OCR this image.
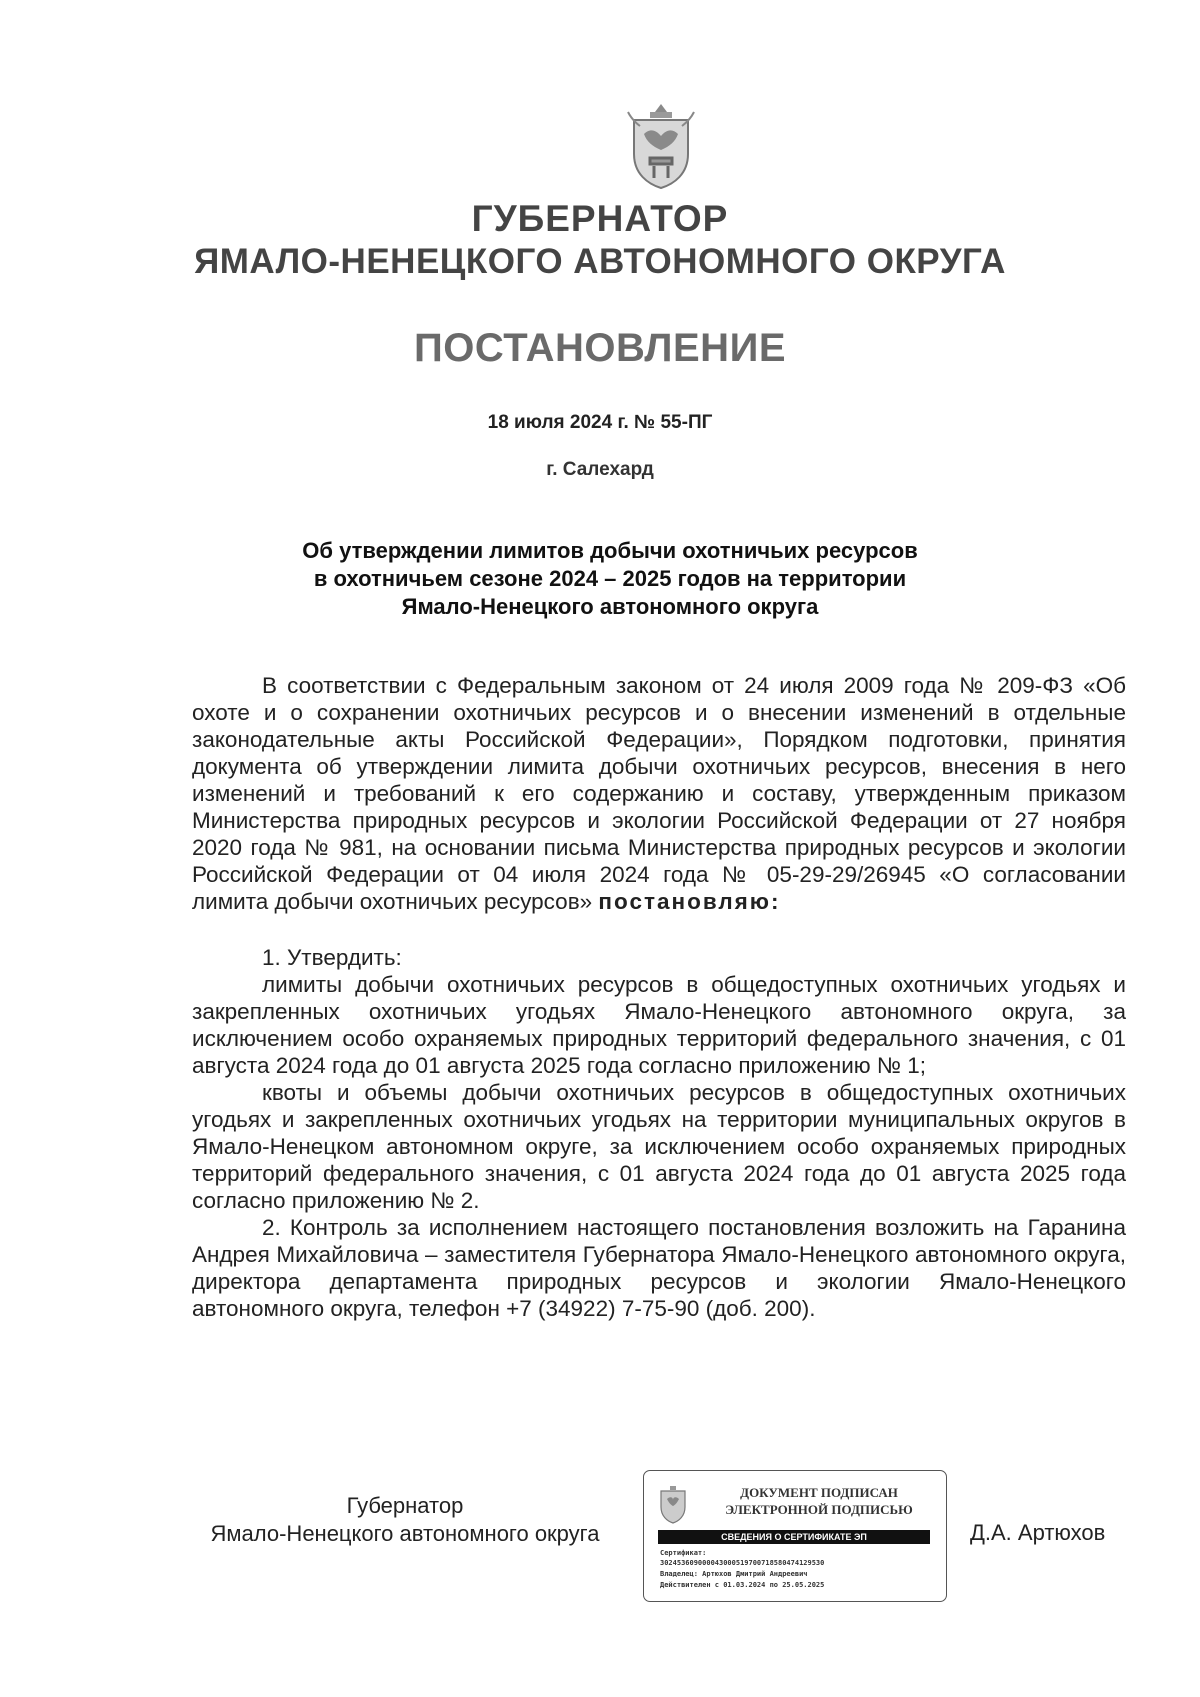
ГУБЕРНАТОР
ЯМАЛО-НЕНЕЦКОГО АВТОНОМНОГО ОКРУГА
ПОСТАНОВЛЕНИЕ
18 июля 2024 г. № 55-ПГ
г. Салехард
Об утверждении лимитов добычи охотничьих ресурсов
в охотничьем сезоне 2024 – 2025 годов на территории
Ямало-Ненецкого автономного округа

В соответствии с Федеральным законом от 24 июля 2009 года № 209-ФЗ «Об охоте и о сохранении охотничьих ресурсов и о внесении изменений в отдельные законодательные акты Российской Федерации», Порядком подготовки, принятия документа об утверждении лимита добычи охотничьих ресурсов, внесения в него изменений и требований к его содержанию и составу, утвержденным приказом Министерства природных ресурсов и экологии Российской Федерации от 27 ноября 2020 года № 981, на основании письма Министерства природных ресурсов и экологии Российской Федерации от 04 июля 2024 года № 05-29-29/26945 «О согласовании лимита добычи охотничьих ресурсов» постановляю:

1. Утвердить:

лимиты добычи охотничьих ресурсов в общедоступных охотничьих угодьях и закрепленных охотничьих угодьях Ямало-Ненецкого автономного округа, за исключением особо охраняемых природных территорий федерального значения, с 01 августа 2024 года до 01 августа 2025 года согласно приложению № 1;

квоты и объемы добычи охотничьих ресурсов в общедоступных охотничьих угодьях и закрепленных охотничьих угодьях на территории муниципальных округов в Ямало-Ненецком автономном округе, за исключением особо охраняемых природных территорий федерального значения, с 01 августа 2024 года до 01 августа 2025 года согласно приложению № 2.

2. Контроль за исполнением настоящего постановления возложить на Гаранина Андрея Михайловича – заместителя Губернатора Ямало-Ненецкого автономного округа, директора департамента природных ресурсов и экологии Ямало-Ненецкого автономного округа, телефон +7 (34922) 7-75-90 (доб. 200).

Губернатор
Ямало-Ненецкого автономного округа
ДОКУМЕНТ ПОДПИСАН
ЭЛЕКТРОННОЙ ПОДПИСЬЮ
СВЕДЕНИЯ О СЕРТИФИКАТЕ ЭП
Сертификат:
30245360900004300051970071858047412953​0
Владелец: Артюхов Дмитрий Андреевич
Действителен с 01.03.2024 по 25.05.2025
Д.А. Артюхов
